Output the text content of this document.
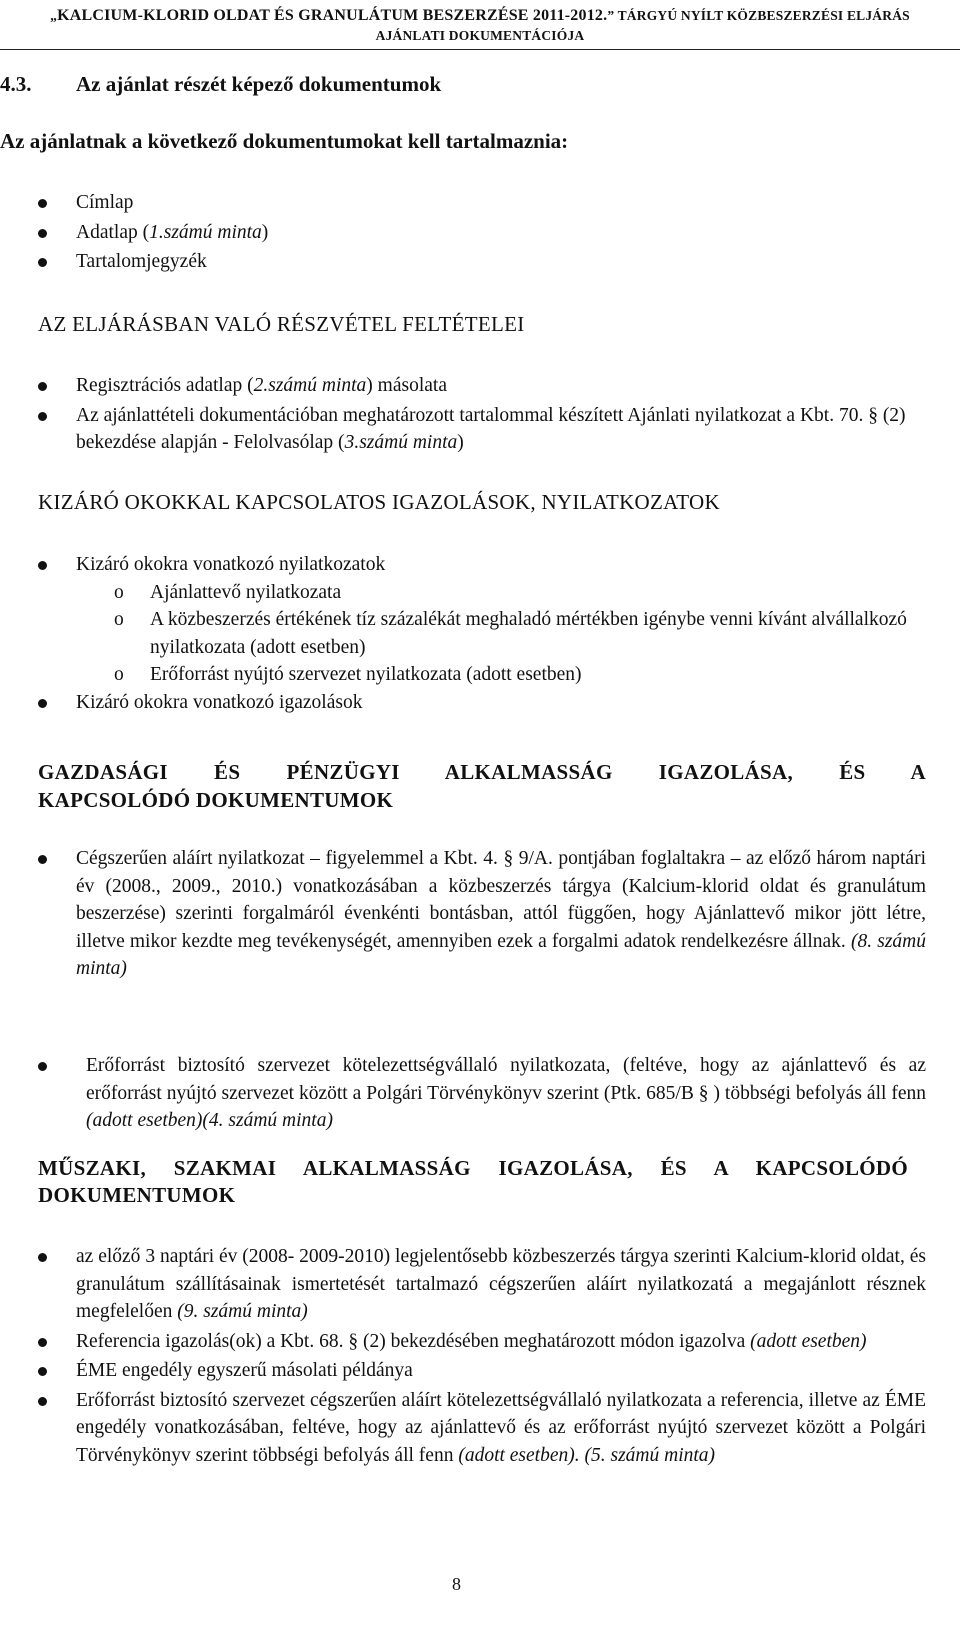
„KALCIUM-KLORID OLDAT ÉS GRANULÁTUM BESZERZÉSE 2011-2012.” TÁRGYÚ NYÍLT KÖZBESZERZÉSI ELJÁRÁS
AJÁNLATI DOKUMENTÁCIÓJA
4.3. Az ajánlat részét képező dokumentumok
Az ajánlatnak a következő dokumentumokat kell tartalmaznia:
Címlap
Adatlap (1.számú minta)
Tartalomjegyzék
AZ ELJÁRÁSBAN VALÓ RÉSZVÉTEL FELTÉTELEI
Regisztrációs adatlap (2.számú minta) másolata
Az ajánlattételi dokumentációban meghatározott tartalommal készített Ajánlati nyilatkozat a Kbt. 70. § (2) bekezdése alapján - Felolvasólap (3.számú minta)
KIZÁRÓ OKOKKAL KAPCSOLATOS IGAZOLÁSOK, NYILATKOZATOK
Kizáró okokra vonatkozó nyilatkozatok
o Ajánlattevő nyilatkozata
o A közbeszerzés értékének tíz százalékát meghaladó mértékben igénybe venni kívánt alvállalkozó nyilatkozata (adott esetben)
o Erőforrást nyújtó szervezet nyilatkozata (adott esetben)
Kizáró okokra vonatkozó igazolások
GAZDASÁGI ÉS PÉNZÜGYI ALKALMASSÁG IGAZOLÁSA, ÉS A
KAPCSOLÓDÓ DOKUMENTUMOK
Cégszerűen aláírt nyilatkozat – figyelemmel a Kbt. 4. § 9/A. pontjában foglaltakra – az előző három naptári év (2008., 2009., 2010.) vonatkozásában a közbeszerzés tárgya (Kalcium-klorid oldat és granulátum beszerzése) szerinti forgalmáról évenkénti bontásban, attól függően, hogy Ajánlattevő mikor jött létre, illetve mikor kezdte meg tevékenységét, amennyiben ezek a forgalmi adatok rendelkezésre állnak. (8. számú minta)
Erőforrást biztosító szervezet kötelezettségvállaló nyilatkozata, (feltéve, hogy az ajánlattevő és az erőforrást nyújtó szervezet között a Polgári Törvénykönyv szerint (Ptk. 685/B § ) többségi befolyás áll fenn (adott esetben)(4. számú minta)
MŰSZAKI, SZAKMAI ALKALMASSÁG IGAZOLÁSA, ÉS A KAPCSOLÓDÓ DOKUMENTUMOK
az előző 3 naptári év (2008- 2009-2010) legjelentősebb közbeszerzés tárgya szerinti Kalcium-klorid oldat, és granulátum szállításainak ismertetését tartalmazó cégszerűen aláírt nyilatkozatá a megajánlott résznek megfelelően (9. számú minta)
Referencia igazolás(ok) a Kbt. 68. § (2) bekezdésében meghatározott módon igazolva (adott esetben)
ÉME engedély egyszerű másolati példánya
Erőforrást biztosító szervezet cégszerűen aláírt kötelezettségvállaló nyilatkozata a referencia, illetve az ÉME engedély vonatkozásában, feltéve, hogy az ajánlattevő és az erőforrást nyújtó szervezet között a Polgári Törvénykönyv szerint többségi befolyás áll fenn (adott esetben). (5. számú minta)
8
